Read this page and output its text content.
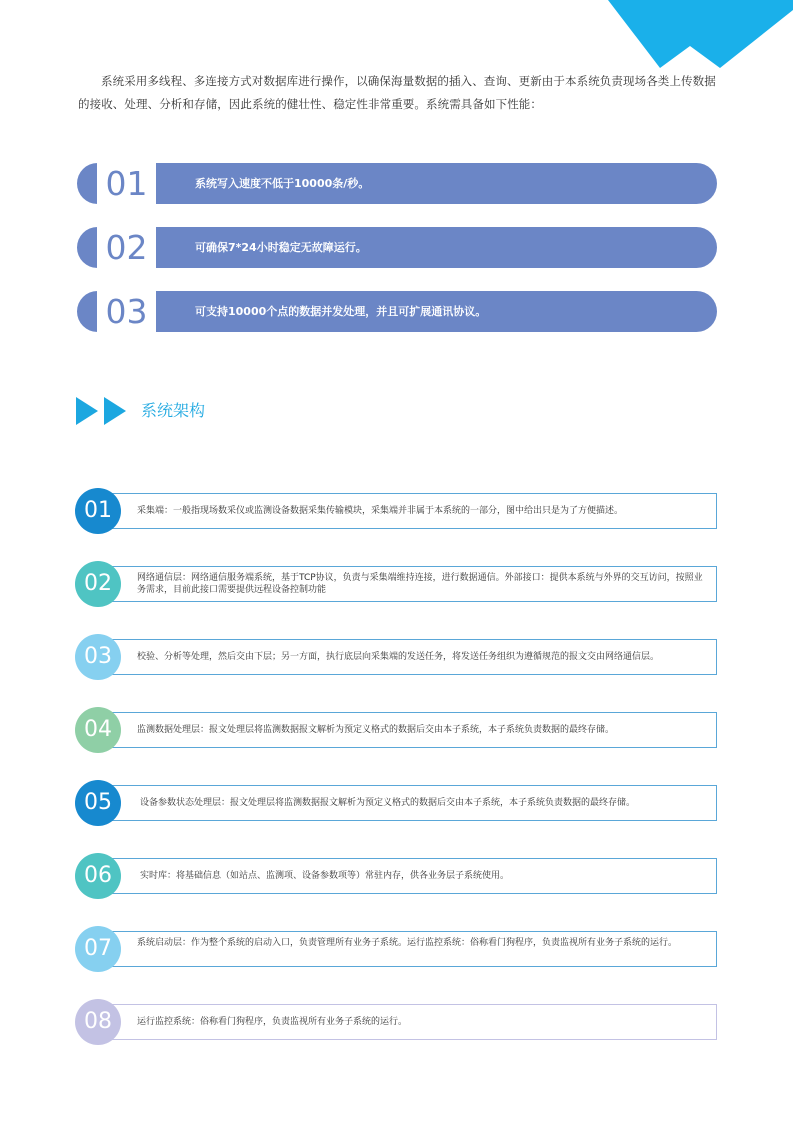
系统采用多线程、多连接方式对数据库进行操作，以确保海量数据的插入、查询、更新由于本系统负责现场各类上传数据的接收、处理、分析和存储，因此系统的健壮性、稳定性非常重要。系统需具备如下性能：
01	系统写入速度不低于10000条/秒。
02	可确保7*24小时稳定无故障运行。
03	可支持10000个点的数据并发处理，并且可扩展通讯协议。
系统架构
采集端：一般指现场数采仪或监测设备数据采集传输模块，采集端并非属于本系统的一部分，图中给出只是为了方便描述。
01
网络通信层：网络通信服务端系统，基于TCP协议，负责与采集端维持连接，进行数据通信。外部接口：提供本系统与外界的交互访问，按照业务需求，目前此接口需要提供远程设备控制功能
02
校验、分析等处理，然后交由下层；另一方面，执行底层向采集端的发送任务，将发送任务组织为遵循规范的报文交由网络通信层。
03
监测数据处理层：报文处理层将监测数据报文解析为预定义格式的数据后交由本子系统，本子系统负责数据的最终存储。
04
设备参数状态处理层：报文处理层将监测数据报文解析为预定义格式的数据后交由本子系统，本子系统负责数据的最终存储。
05
实时库：将基础信息（如站点、监测项、设备参数项等）常驻内存，供各业务层子系统使用。
06
系统启动层：作为整个系统的启动入口，负责管理所有业务子系统。运行监控系统：俗称看门狗程序，负责监视所有业务子系统的运行。
07
运行监控系统：俗称看门狗程序，负责监视所有业务子系统的运行。
08
